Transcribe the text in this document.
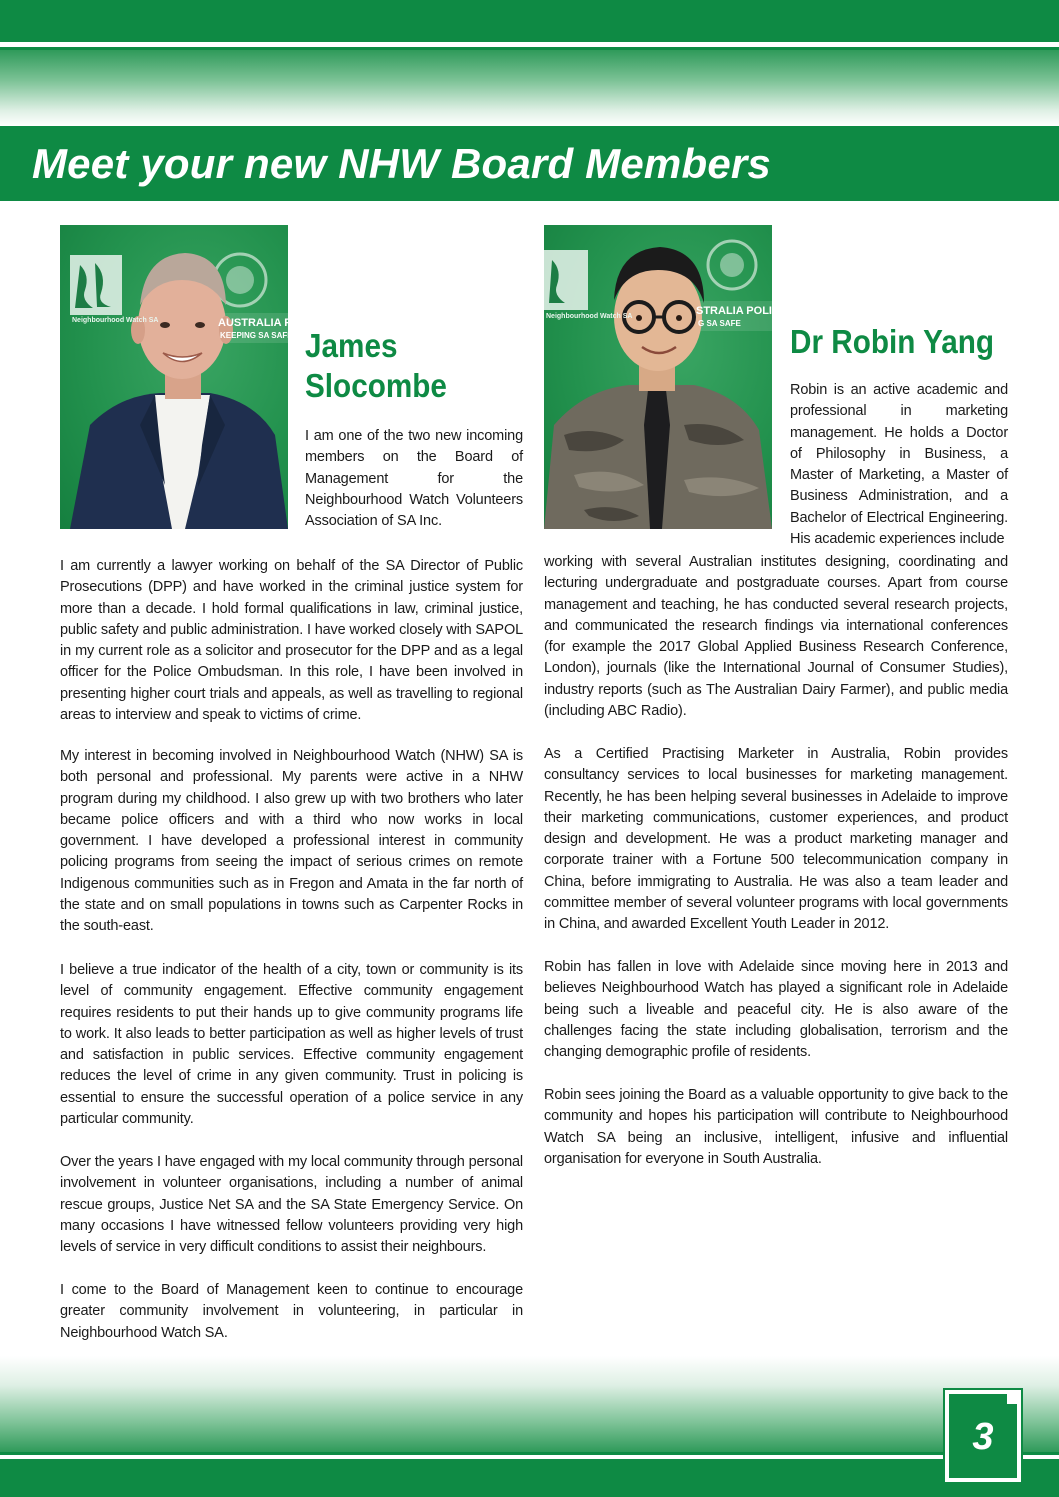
Meet your new NHW Board Members
Neighbourhood Watch SA	AUSTRALIA POL
KEEPING SA SAFE
Neighbourhood Watch SA	STRALIA POLICE
G SA SAFE
James
Slocombe
Dr Robin Yang

I am one of the two new incoming members on the Board of Management for the Neighbourhood Watch Volunteers Association of SA Inc.

Robin is an active academic and professional in marketing management. He holds a Doctor of Philosophy in Business, a Master of Marketing, a Master of Business Administration, and a Bachelor of Electrical Engineering. His academic experiences include

I am currently a lawyer working on behalf of the SA Director of Public Prosecutions (DPP) and have worked in the criminal justice system for more than a decade. I hold formal qualifications in law, criminal justice, public safety and public administration. I have worked closely with SAPOL in my current role as a solicitor and prosecutor for the DPP and as a legal officer for the Police Ombudsman. In this role, I have been involved in presenting higher court trials and appeals, as well as travelling to regional areas to interview and speak to victims of crime.

My interest in becoming involved in Neighbourhood Watch (NHW) SA is both personal and professional. My parents were active in a NHW program during my childhood. I also grew up with two brothers who later became police officers and with a third who now works in local government. I have developed a professional interest in community policing programs from seeing the impact of serious crimes on remote Indigenous communities such as in Fregon and Amata in the far north of the state and on small populations in towns such as Carpenter Rocks in the south-east.

I believe a true indicator of the health of a city, town or community is its level of community engagement. Effective community engagement requires residents to put their hands up to give community programs life to work. It also leads to better participation as well as higher levels of trust and satisfaction in public services. Effective community engagement reduces the level of crime in any given community. Trust in policing is essential to ensure the successful operation of a police service in any particular community.

Over the years I have engaged with my local community through personal involvement in volunteer organisations, including a number of animal rescue groups, Justice Net SA and the SA State Emergency Service. On many occasions I have witnessed fellow volunteers providing very high levels of service in very difficult conditions to assist their neighbours.

I come to the Board of Management keen to continue to encourage greater community involvement in volunteering, in particular in Neighbourhood Watch SA.

working with several Australian institutes designing, coordinating and lecturing undergraduate and postgraduate courses. Apart from course management and teaching, he has conducted several research projects, and communicated the research findings via international conferences (for example the 2017 Global Applied Business Research Conference, London), journals (like the International Journal of Consumer Studies), industry reports (such as The Australian Dairy Farmer), and public media (including ABC Radio).

As a Certified Practising Marketer in Australia, Robin provides consultancy services to local businesses for marketing management. Recently, he has been helping several businesses in Adelaide to improve their marketing communications, customer experiences, and product design and development. He was a product marketing manager and corporate trainer with a Fortune 500 telecommunication company in China, before immigrating to Australia. He was also a team leader and committee member of several volunteer programs with local governments in China, and awarded Excellent Youth Leader in 2012.

Robin has fallen in love with Adelaide since moving here in 2013 and believes Neighbourhood Watch has played a significant role in Adelaide being such a liveable and peaceful city. He is also aware of the challenges facing the state including globalisation, terrorism and the changing demographic profile of residents.

Robin sees joining the Board as a valuable opportunity to give back to the community and hopes his participation will contribute to Neighbourhood Watch SA being an inclusive, intelligent, infusive and influential organisation for everyone in South Australia.

3
